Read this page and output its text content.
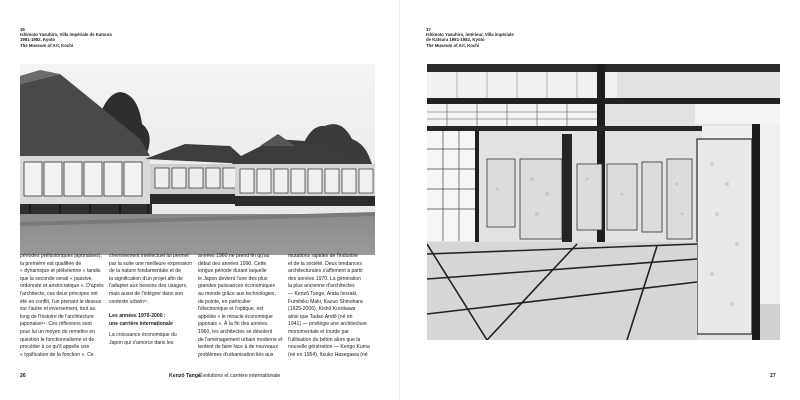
16
Ishimoto Yasuhiro, Villa impériale de Katsura
1981-1982, Kyoto
The Museum of Art, Kochi
périodes préhistoriques japonaises),
la première est qualifiée de
« dynamique et plébéienne » tandis
que la seconde serait « passive,
ordonnée et aristocratique ». D'après
l'architecte, ces deux principes ont
été en conflit, l'un prenant le dessus
sur l'autre et inversement, tout au
long de l'histoire de l'architecture
japonaise¹⁶. Ces réflexions sont
pour lui un moyen de remettre en
question le fonctionnalisme et de
procéder à ce qu'il appelle une
« typification de la fonction ». Ce
cheminement intellectuel lui permet
par la suite une meilleure expression
de la nature fondamentale et de
la signification d'un projet afin de
l'adapter aux besoins des usagers,
mais aussi de l'intégrer dans son
contexte urbain¹⁷.
Les années 1970-2000 :
une carrière internationale
La croissance économique du
Japon qui s'amorce dans les
années 1960 ne prend fin qu'au
début des années 1990. Cette
longue période durant laquelle
le Japon devient l'une des plus
grandes puissances économiques
au monde grâce aux technologies,
de pointe, en particulier
l'électronique et l'optique, est
appelée « le miracle économique
japonais ». À la fin des années
1960, les architectes se désolent
de l'aménagement urbain moderne et
tentent de faire face à de nouveaux
problèmes d'urbanisation liés aux
mutations rapides de l'industrie
et de la société. Deux tendances
architecturales s'affirment à partir
des années 1970. La génération
la plus ancienne d'architectes
— Kenzō Tange, Arata Isozaki,
Fumihiko Maki, Kazuo Shinohara
(1925-2006), Kishō Kurokawa
ainsi que Tadao Andō (né en
1941) — privilégie une architecture
monumentale et lourde par
l'utilisation du béton alors que la
nouvelle génération — Kengo Kuma
(né en 1954), Itsuko Hasegawa (né
26	Kenzō Tange
Évolutions et carrière internationale
17
Ishimoto Yasuhiro, intérieur, Villa impériale
de Katsura 1981-1982, Kyoto
The Museum of Art, Kochi
27
